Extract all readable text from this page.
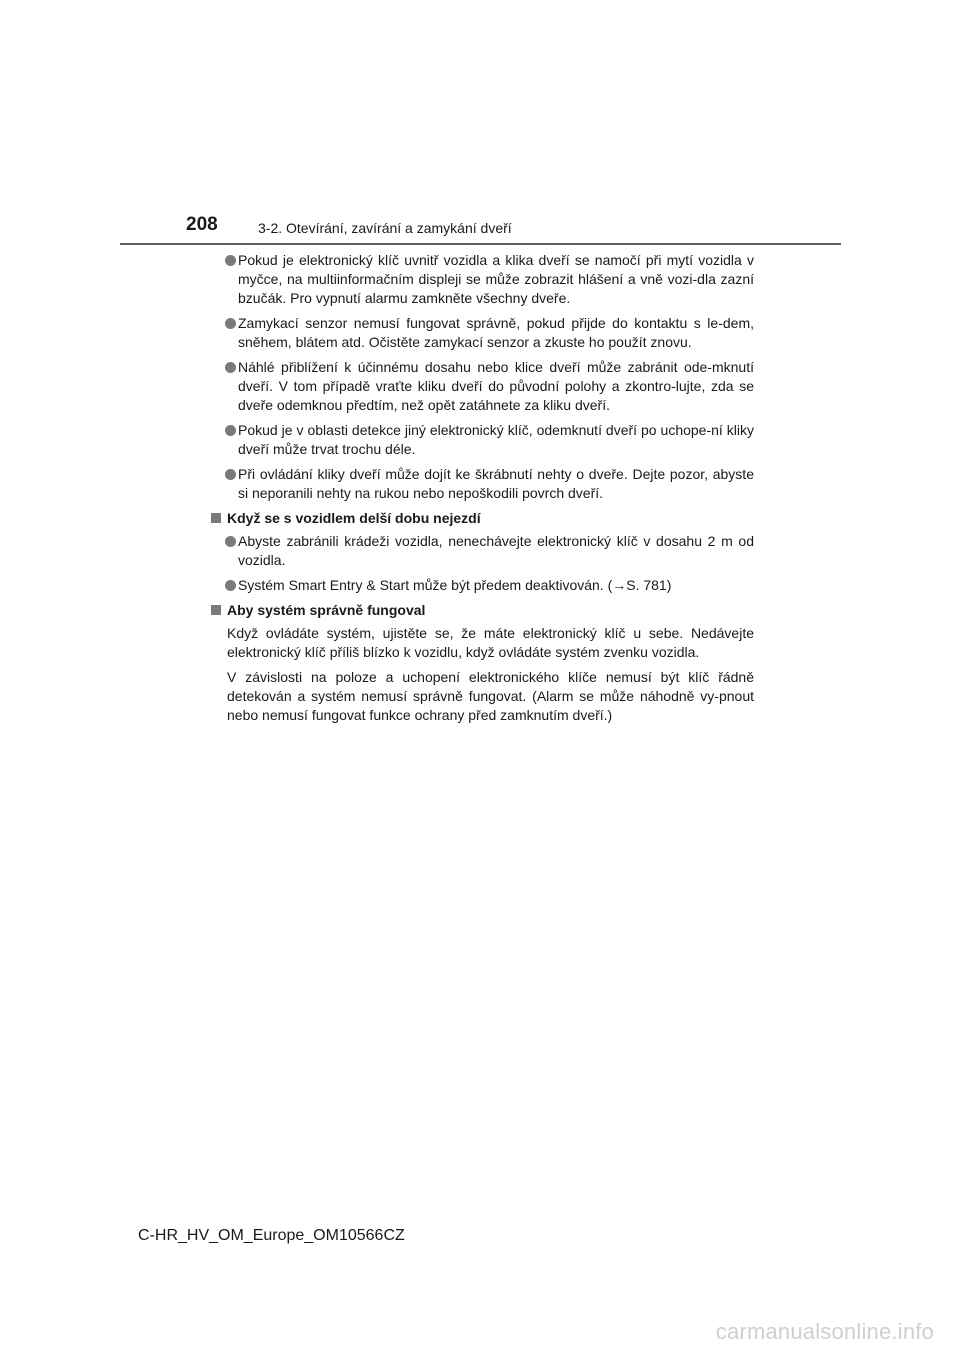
208	3-2. Otevírání, zavírání a zamykání dveří
Pokud je elektronický klíč uvnitř vozidla a klika dveří se namočí při mytí vozidla v myčce, na multiinformačním displeji se může zobrazit hlášení a vně vozi-dla zazní bzučák. Pro vypnutí alarmu zamkněte všechny dveře.
Zamykací senzor nemusí fungovat správně, pokud přijde do kontaktu s le-dem, sněhem, blátem atd. Očistěte zamykací senzor a zkuste ho použít znovu.
Náhlé přiblížení k účinnému dosahu nebo klice dveří může zabránit ode-mknutí dveří. V tom případě vraťte kliku dveří do původní polohy a zkontro-lujte, zda se dveře odemknou předtím, než opět zatáhnete za kliku dveří.
Pokud je v oblasti detekce jiný elektronický klíč, odemknutí dveří po uchope-ní kliky dveří může trvat trochu déle.
Při ovládání kliky dveří může dojít ke škrábnutí nehty o dveře. Dejte pozor, abyste si neporanili nehty na rukou nebo nepoškodili povrch dveří.
Když se s vozidlem delší dobu nejezdí
Abyste zabránili krádeži vozidla, nenechávejte elektronický klíč v dosahu 2 m od vozidla.
Systém Smart Entry & Start může být předem deaktivován. (→S. 781)
Aby systém správně fungoval
Když ovládáte systém, ujistěte se, že máte elektronický klíč u sebe. Nedávejte elektronický klíč příliš blízko k vozidlu, když ovládáte systém zvenku vozidla.
V závislosti na poloze a uchopení elektronického klíče nemusí být klíč řádně detekován a systém nemusí správně fungovat. (Alarm se může náhodně vy-pnout nebo nemusí fungovat funkce ochrany před zamknutím dveří.)
C-HR_HV_OM_Europe_OM10566CZ
carmanualsonline.info
